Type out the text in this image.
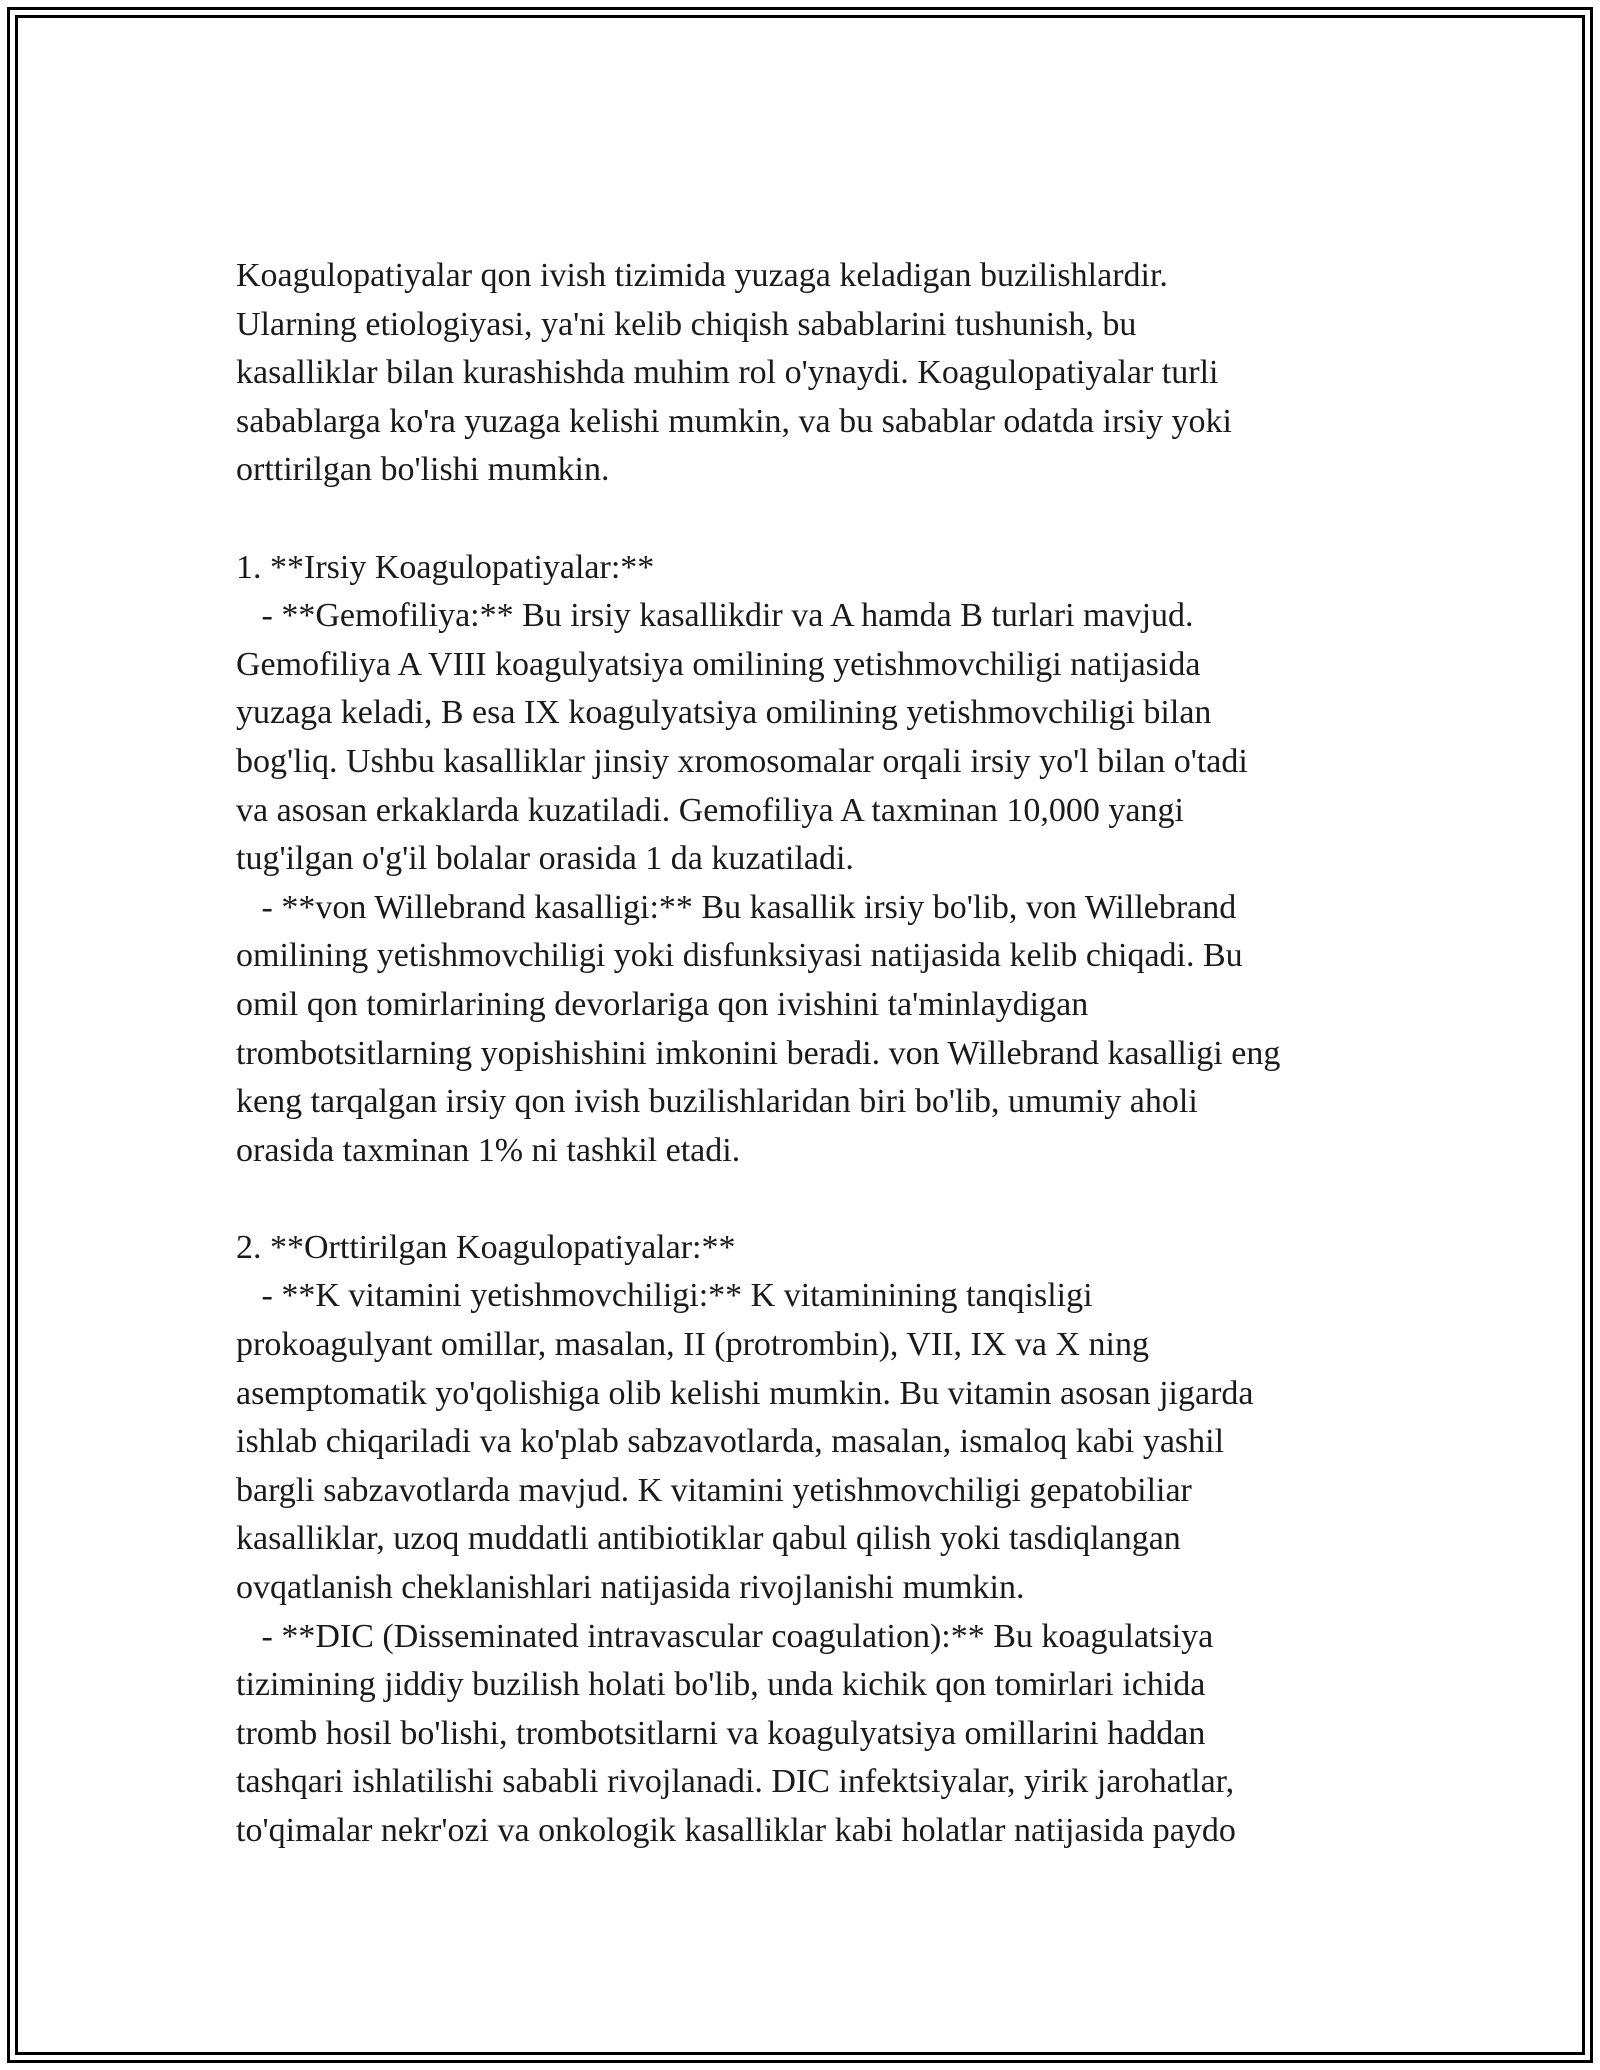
Koagulopatiyalar qon ivish tizimida yuzaga keladigan buzilishlardir.
Ularning etiologiyasi, ya'ni kelib chiqish sabablarini tushunish, bu
kasalliklar bilan kurashishda muhim rol o'ynaydi. Koagulopatiyalar turli
sabablarga ko'ra yuzaga kelishi mumkin, va bu sabablar odatda irsiy yoki
orttirilgan bo'lishi mumkin.
1. **Irsiy Koagulopatiyalar:**
- **Gemofiliya:** Bu irsiy kasallikdir va A hamda B turlari mavjud.
Gemofiliya A VIII koagulyatsiya omilining yetishmovchiligi natijasida
yuzaga keladi, B esa IX koagulyatsiya omilining yetishmovchiligi bilan
bog'liq. Ushbu kasalliklar jinsiy xromosomalar orqali irsiy yo'l bilan o'tadi
va asosan erkaklarda kuzatiladi. Gemofiliya A taxminan 10,000 yangi
tug'ilgan o'g'il bolalar orasida 1 da kuzatiladi.
- **von Willebrand kasalligi:** Bu kasallik irsiy bo'lib, von Willebrand
omilining yetishmovchiligi yoki disfunksiyasi natijasida kelib chiqadi. Bu
omil qon tomirlarining devorlariga qon ivishini ta'minlaydigan
trombotsitlarning yopishishini imkonini beradi. von Willebrand kasalligi eng
keng tarqalgan irsiy qon ivish buzilishlaridan biri bo'lib, umumiy aholi
orasida taxminan 1% ni tashkil etadi.
2. **Orttirilgan Koagulopatiyalar:**
- **K vitamini yetishmovchiligi:** K vitaminining tanqisligi
prokoagulyant omillar, masalan, II (protrombin), VII, IX va X ning
asemptomatik yo'qolishiga olib kelishi mumkin. Bu vitamin asosan jigarda
ishlab chiqariladi va ko'plab sabzavotlarda, masalan, ismaloq kabi yashil
bargli sabzavotlarda mavjud. K vitamini yetishmovchiligi gepatobiliar
kasalliklar, uzoq muddatli antibiotiklar qabul qilish yoki tasdiqlangan
ovqatlanish cheklanishlari natijasida rivojlanishi mumkin.
- **DIC (Disseminated intravascular coagulation):** Bu koagulatsiya
tizimining jiddiy buzilish holati bo'lib, unda kichik qon tomirlari ichida
tromb hosil bo'lishi, trombotsitlarni va koagulyatsiya omillarini haddan
tashqari ishlatilishi sababli rivojlanadi. DIC infektsiyalar, yirik jarohatlar,
to'qimalar nekr'ozi va onkologik kasalliklar kabi holatlar natijasida paydo
